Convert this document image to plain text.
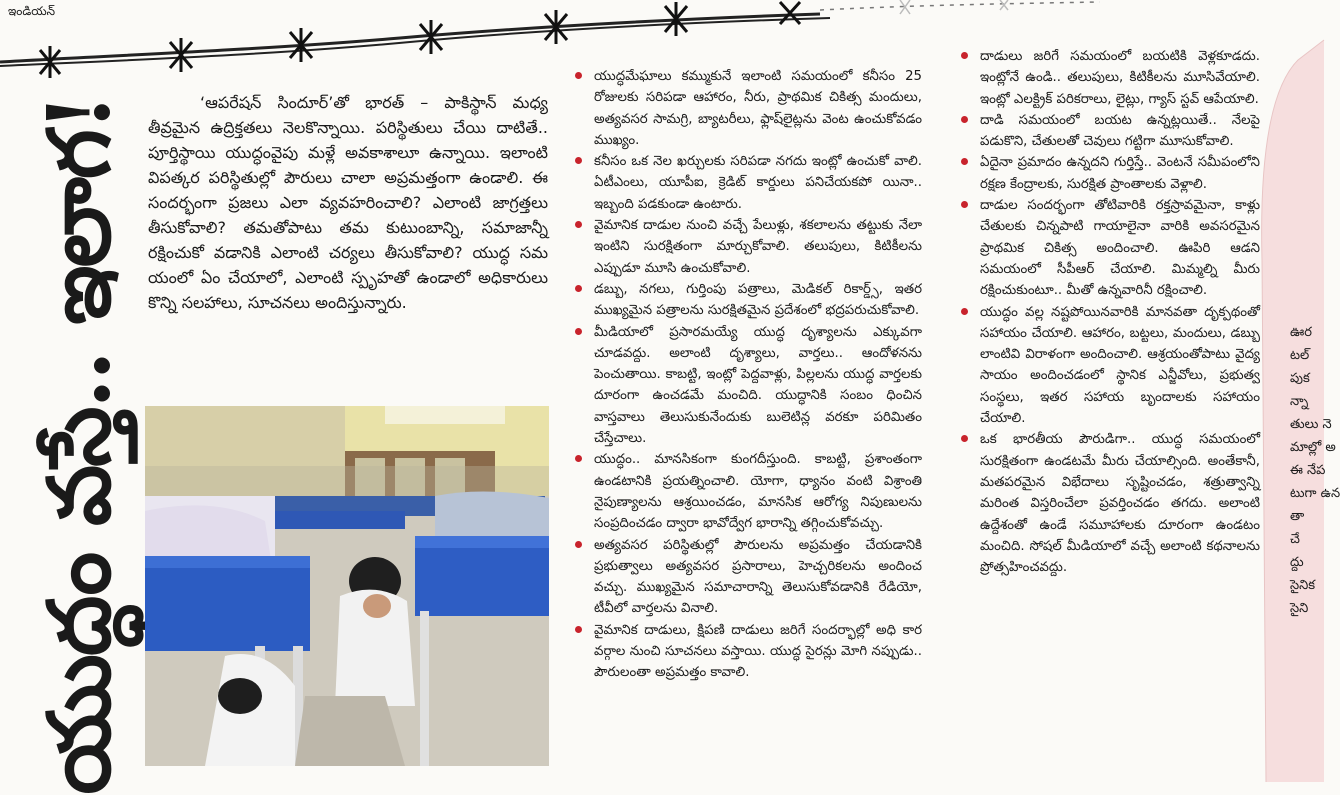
ఇండియన్
యుద్ధం వస్తే.. ఇలాగ!	‘ఆపరేషన్ సిందూర్’తో భారత్ – పాకిస్థాన్ మధ్య తీవ్రమైన ఉద్రిక్తతలు నెలకొన్నాయి. పరిస్థితులు చేయి దాటితే.. పూర్తిస్థాయి యుద్ధంవైపు మళ్లే అవకాశాలూ ఉన్నాయి. ఇలాంటి విపత్కర పరిస్థితుల్లో పౌరులు చాలా అప్రమత్తంగా ఉండాలి. ఈ సందర్భంగా ప్రజలు ఎలా వ్యవహరించాలి? ఎలాంటి జాగ్రత్తలు తీసుకోవాలి? తమతోపాటు తమ కుటుంబాన్ని, సమాజాన్నీ రక్షించుకో వడానికి ఎలాంటి చర్యలు తీసుకోవాలి? యుద్ధ సమ యంలో ఏం చేయాలో, ఎలాంటి స్పృహతో ఉండాలో అధికారులు కొన్ని సలహాలు, సూచనలు అందిస్తున్నారు.

యుద్ధమేఘాలు కమ్ముకునే ఇలాంటి సమయంలో కనీసం 25 రోజులకు సరిపడా ఆహారం, నీరు, ప్రాథమిక చికిత్స మందులు, అత్యవసర సామగ్రి, బ్యాటరీలు, ఫ్లాష్‌లైట్లను వెంట ఉంచుకోవడం ముఖ్యం.
కనీసం ఒక నెల ఖర్చులకు సరిపడా నగదు ఇంట్లో ఉంచుకో వాలి. ఏటీఎంలు, యూపీఐ, క్రెడిట్ కార్డులు పనిచేయకపో యినా.. ఇబ్బంది పడకుండా ఉంటారు.
వైమానిక దాడుల నుంచి వచ్చే పేలుళ్లు, శకలాలను తట్టుకు నేలా ఇంటిని సురక్షితంగా మార్చుకోవాలి. తలుపులు, కిటికీలను ఎప్పుడూ మూసి ఉంచుకోవాలి.
డబ్బు, నగలు, గుర్తింపు పత్రాలు, మెడికల్ రికార్డ్స్, ఇతర ముఖ్యమైన పత్రాలను సురక్షితమైన ప్రదేశంలో భద్రపరుచుకోవాలి.
మీడియాలో ప్రసారమయ్యే యుద్ధ దృశ్యాలను ఎక్కువగా చూడవద్దు. అలాంటి దృశ్యాలు, వార్తలు.. ఆందోళనను పెంచుతాయి. కాబట్టి, ఇంట్లో పెద్దవాళ్లు, పిల్లలను యుద్ధ వార్తలకు దూరంగా ఉంచడమే మంచిది. యుద్ధానికి సంబం ధించిన వాస్తవాలు తెలుసుకునేందుకు బులెటిన్ల వరకూ పరిమితం చేస్తేచాలు.
యుద్ధం.. మానసికంగా కుంగదీస్తుంది. కాబట్టి, ప్రశాంతంగా ఉండటానికి ప్రయత్నించాలి. యోగా, ధ్యానం వంటి విశ్రాంతి నైపుణ్యాలను ఆశ్రయించడం, మానసిక ఆరోగ్య నిపుణులను సంప్రదించడం ద్వారా భావోద్వేగ భారాన్ని తగ్గించుకోవచ్చు.
అత్యవసర పరిస్థితుల్లో పౌరులను అప్రమత్తం చేయడానికి ప్రభుత్వాలు అత్యవసర ప్రసారాలు, హెచ్చరికలను అందించ వచ్చు. ముఖ్యమైన సమాచారాన్ని తెలుసుకోవడానికి రేడియో, టీవీలో వార్తలను వినాలి.
వైమానిక దాడులు, క్షిపణి దాడులు జరిగే సందర్భాల్లో అధి కార వర్గాల నుంచి సూచనలు వస్తాయి. యుద్ధ సైరన్లు మోగి నప్పుడు.. పౌరులంతా అప్రమత్తం కావాలి.
దాడులు జరిగే సమయంలో బయటికి వెళ్లకూడదు. ఇంట్లోనే ఉండి.. తలుపులు, కిటికీలను మూసివేయాలి. ఇంట్లో ఎలక్ట్రిక్ పరికరాలు, లైట్లు, గ్యాస్ స్టవ్ ఆపేయాలి.
దాడి సమయంలో బయట ఉన్నట్లయితే.. నేలపై పడుకొని, చేతులతో చెవులు గట్టిగా మూసుకోవాలి.
ఏదైనా ప్రమాదం ఉన్నదని గుర్తిస్తే.. వెంటనే సమీపంలోని రక్షణ కేంద్రాలకు, సురక్షిత ప్రాంతాలకు వెళ్లాలి.
దాడుల సందర్భంగా తోటివారికి రక్తస్రావమైనా, కాళ్లు చేతులకు చిన్నపాటి గాయాలైనా వారికి అవసరమైన ప్రాథమిక చికిత్స అందించాలి. ఊపిరి ఆడని సమయంలో సీపీఆర్ చేయాలి. మిమ్మల్ని మీరు రక్షించుకుంటూ.. మీతో ఉన్నవారినీ రక్షించాలి.
యుద్ధం వల్ల నష్టపోయినవారికి మానవతా దృక్పథంతో సహాయం చేయాలి. ఆహారం, బట్టలు, మందులు, డబ్బు లాంటివి విరాళంగా అందించాలి. ఆశ్రయంతోపాటు వైద్య సాయం అందించడంలో స్థానిక ఎన్జీవోలు, ప్రభుత్వ సంస్థలు, ఇతర సహాయ బృందాలకు సహాయం చేయాలి.
ఒక భారతీయ పౌరుడిగా.. యుద్ధ సమయంలో సురక్షితంగా ఉండటమే మీరు చేయాల్సింది. అంతేకానీ, మతపరమైన విభేదాలు సృష్టించడం, శత్రుత్వాన్ని మరింత విస్తరించేలా ప్రవర్తించడం తగదు. అలాంటి ఉద్దేశంతో ఉండే సమూహాలకు దూరంగా ఉండటం మంచిది. సోషల్ మీడియాలో వచ్చే అలాంటి కథనాలను ప్రోత్సహించవద్దు.
ఊర
టల్
పుక
న్నా
తులు నె
మాల్లో అ
ఈ నేప
టుగా ఉన
తా
చే
ద్దు
సైనిక
సైని
